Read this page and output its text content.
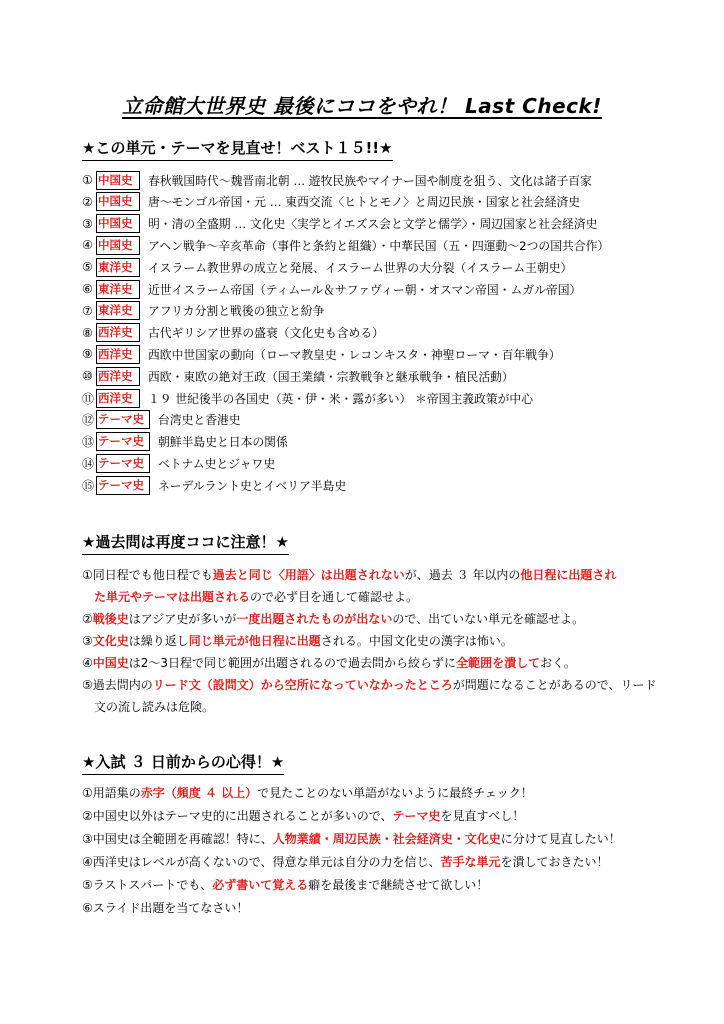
立命館大世界史 最後にココをやれ！ Last Check!
★この単元・テーマを見直せ！ベスト１５!!★
① 中国史	春秋戦国時代～魏晋南北朝 … 遊牧民族やマイナー国や制度を狙う、文化は諸子百家
② 中国史	唐～モンゴル帝国・元 … 東西交流〈ヒトとモノ〉と周辺民族・国家と社会経済史
③ 中国史	明・清の全盛期 … 文化史〈実学とイエズス会と文学と儒学〉・周辺国家と社会経済史
④ 中国史	アヘン戦争～辛亥革命（事件と条約と組織）・中華民国（五・四運動～2つの国共合作）
⑤ 東洋史	イスラーム教世界の成立と発展、イスラーム世界の大分裂（イスラーム王朝史）
⑥ 東洋史	近世イスラーム帝国（ティムール＆サファヴィー朝・オスマン帝国・ムガル帝国）
⑦ 東洋史	アフリカ分割と戦後の独立と紛争
⑧ 西洋史	古代ギリシア世界の盛衰（文化史も含める）
⑨ 西洋史	西欧中世国家の動向（ローマ教皇史・レコンキスタ・神聖ローマ・百年戦争）
⑩ 西洋史	西欧・東欧の絶対王政（国王業績・宗教戦争と継承戦争・植民活動）
⑪ 西洋史	１９ 世紀後半の各国史（英・伊・米・露が多い） ＊帝国主義政策が中心
⑫ テーマ史	台湾史と香港史
⑬ テーマ史	朝鮮半島史と日本の関係
⑭ テーマ史	ベトナム史とジャワ史
⑮ テーマ史	ネーデルラント史とイベリア半島史
★過去問は再度ココに注意！★
①同日程でも他日程でも過去と同じ〈用語〉は出題されないが、過去 ３ 年以内の他日程に出題され
た単元やテーマは出題されるので必ず目を通して確認せよ。
②戦後史はアジア史が多いが一度出題されたものが出ないので、出ていない単元を確認せよ。
③文化史は繰り返し同じ単元が他日程に出題される。中国文化史の漢字は怖い。
④中国史は2～3日程で同じ範囲が出題されるので過去問から絞らずに全範囲を潰しておく。
⑤過去問内のリード文（設問文）から空所になっていなかったところが問題になることがあるので、リード
文の流し読みは危険。
★入試 ３ 日前からの心得！★
①用語集の赤字（頻度 ４ 以上）で見たことのない単語がないように最終チェック！
②中国史以外はテーマ史的に出題されることが多いので、テーマ史を見直すべし！
③中国史は全範囲を再確認！特に、人物業績・周辺民族・社会経済史・文化史に分けて見直したい！
④西洋史はレベルが高くないので、得意な単元は自分の力を信じ、苦手な単元を潰しておきたい！
⑤ラストスパートでも、必ず書いて覚える癖を最後まで継続させて欲しい！
⑥スライド出題を当てなさい！
